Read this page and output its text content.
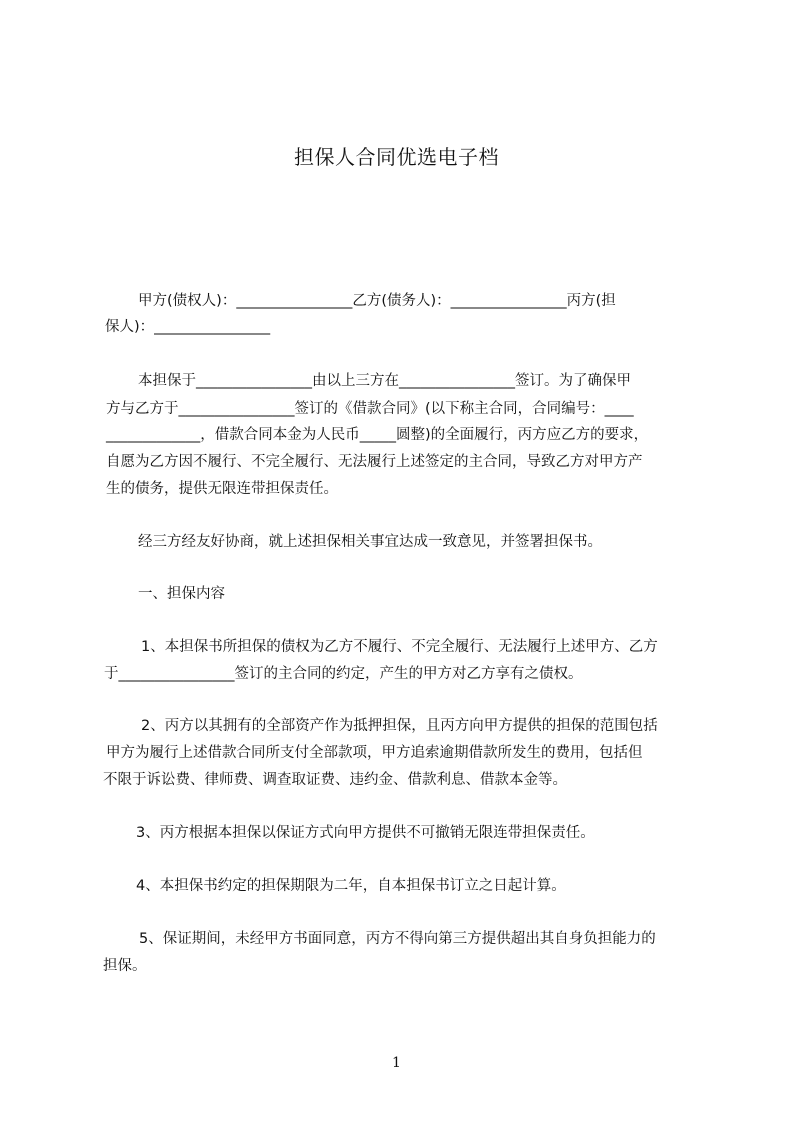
担保人合同优选电子档
甲方(债权人)：________________乙方(债务人)：________________丙方(担
保人)：________________
本担保于________________由以上三方在________________签订。为了确保甲
方与乙方于________________签订的《借款合同》(以下称主合同，合同编号：____
_____________，借款合同本金为人民币_____圆整)的全面履行，丙方应乙方的要求，
自愿为乙方因不履行、不完全履行、无法履行上述签定的主合同，导致乙方对甲方产
生的债务，提供无限连带担保责任。
经三方经友好协商，就上述担保相关事宜达成一致意见，并签署担保书。
一、担保内容
1、本担保书所担保的债权为乙方不履行、不完全履行、无法履行上述甲方、乙方
于________________签订的主合同的约定，产生的甲方对乙方享有之债权。
2、丙方以其拥有的全部资产作为抵押担保，且丙方向甲方提供的担保的范围包括
甲方为履行上述借款合同所支付全部款项，甲方追索逾期借款所发生的费用，包括但
不限于诉讼费、律师费、调查取证费、违约金、借款利息、借款本金等。
3、丙方根据本担保以保证方式向甲方提供不可撤销无限连带担保责任。
4、本担保书约定的担保期限为二年，自本担保书订立之日起计算。
5、保证期间，未经甲方书面同意，丙方不得向第三方提供超出其自身负担能力的
担保。
1
